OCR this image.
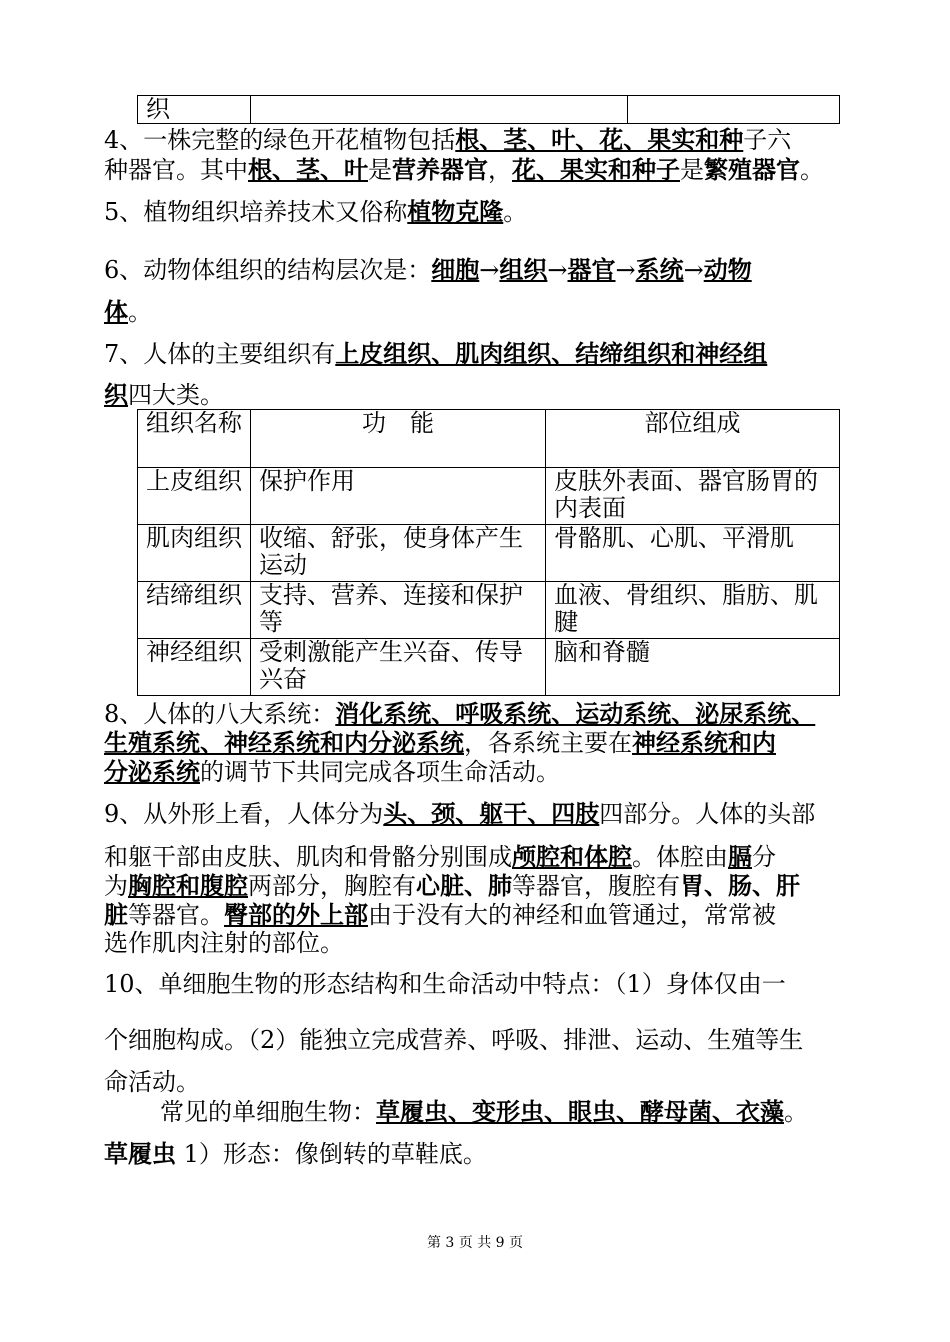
织		
4、一株完整的绿色开花植物包括根、茎、叶、花、果实和种子六
种器官。其中根、茎、叶是营养器官，花、果实和种子是繁殖器官。
5、植物组织培养技术又俗称植物克隆。
6、动物体组织的结构层次是：细胞→组织→器官→系统→动物
体。
7、人体的主要组织有上皮组织、肌肉组织、结缔组织和神经组
织四大类。
组织名称	功　能	部位组成
上皮组织	保护作用	皮肤外表面、器官肠胃的内表面
肌肉组织	收缩、舒张，使身体产生运动	骨骼肌、心肌、平滑肌
结缔组织	支持、营养、连接和保护等	血液、骨组织、脂肪、肌腱
神经组织	受刺激能产生兴奋、传导兴奋	脑和脊髓
8、人体的八大系统：消化系统、呼吸系统、运动系统、泌尿系统、
生殖系统、神经系统和内分泌系统，各系统主要在神经系统和内
分泌系统的调节下共同完成各项生命活动。
9、从外形上看，人体分为头、颈、躯干、四肢四部分。人体的头部
和躯干部由皮肤、肌肉和骨骼分别围成颅腔和体腔。体腔由膈分
为胸腔和腹腔两部分，胸腔有心脏、肺等器官，腹腔有胃、肠、肝
脏等器官。臀部的外上部由于没有大的神经和血管通过，常常被
选作肌肉注射的部位。
10、单细胞生物的形态结构和生命活动中特点：（1）身体仅由一
个细胞构成。（2）能独立完成营养、呼吸、排泄、运动、生殖等生
命活动。
常见的单细胞生物：草履虫、变形虫、眼虫、酵母菌、衣藻。
草履虫 1）形态：像倒转的草鞋底。
第 3 页 共 9 页
